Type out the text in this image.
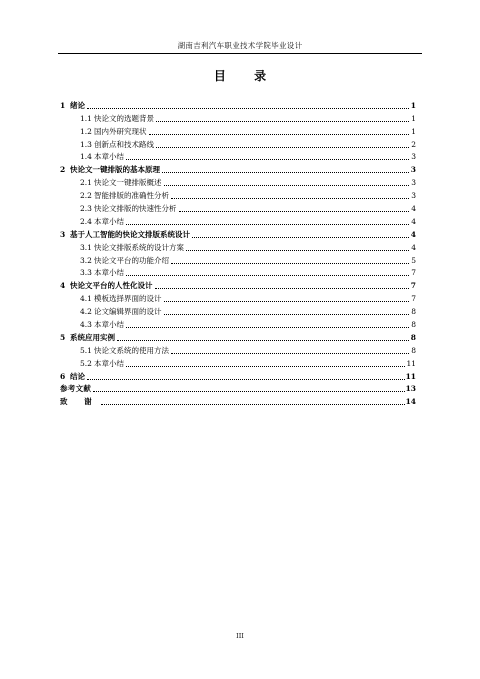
湖南吉利汽车职业技术学院毕业设计
目 录
1 绪论	1
1.1 快论文的选题背景	1
1.2 国内外研究现状	1
1.3 创新点和技术路线	2
1.4 本章小结	3
2 快论文一键排版的基本原理	3
2.1 快论文一键排版概述	3
2.2 智能排版的准确性分析	3
2.3 快论文排版的快速性分析	4
2.4 本章小结	4
3 基于人工智能的快论文排版系统设计	4
3.1 快论文排版系统的设计方案	4
3.2 快论文平台的功能介绍	5
3.3 本章小结	7
4 快论文平台的人性化设计	7
4.1 模板选择界面的设计	7
4.2 论文编辑界面的设计	8
4.3 本章小结	8
5 系统应用实例	8
5.1 快论文系统的使用方法	8
5.2 本章小结	11
6 结论	11
参考文献	13
致 谢	14
III
